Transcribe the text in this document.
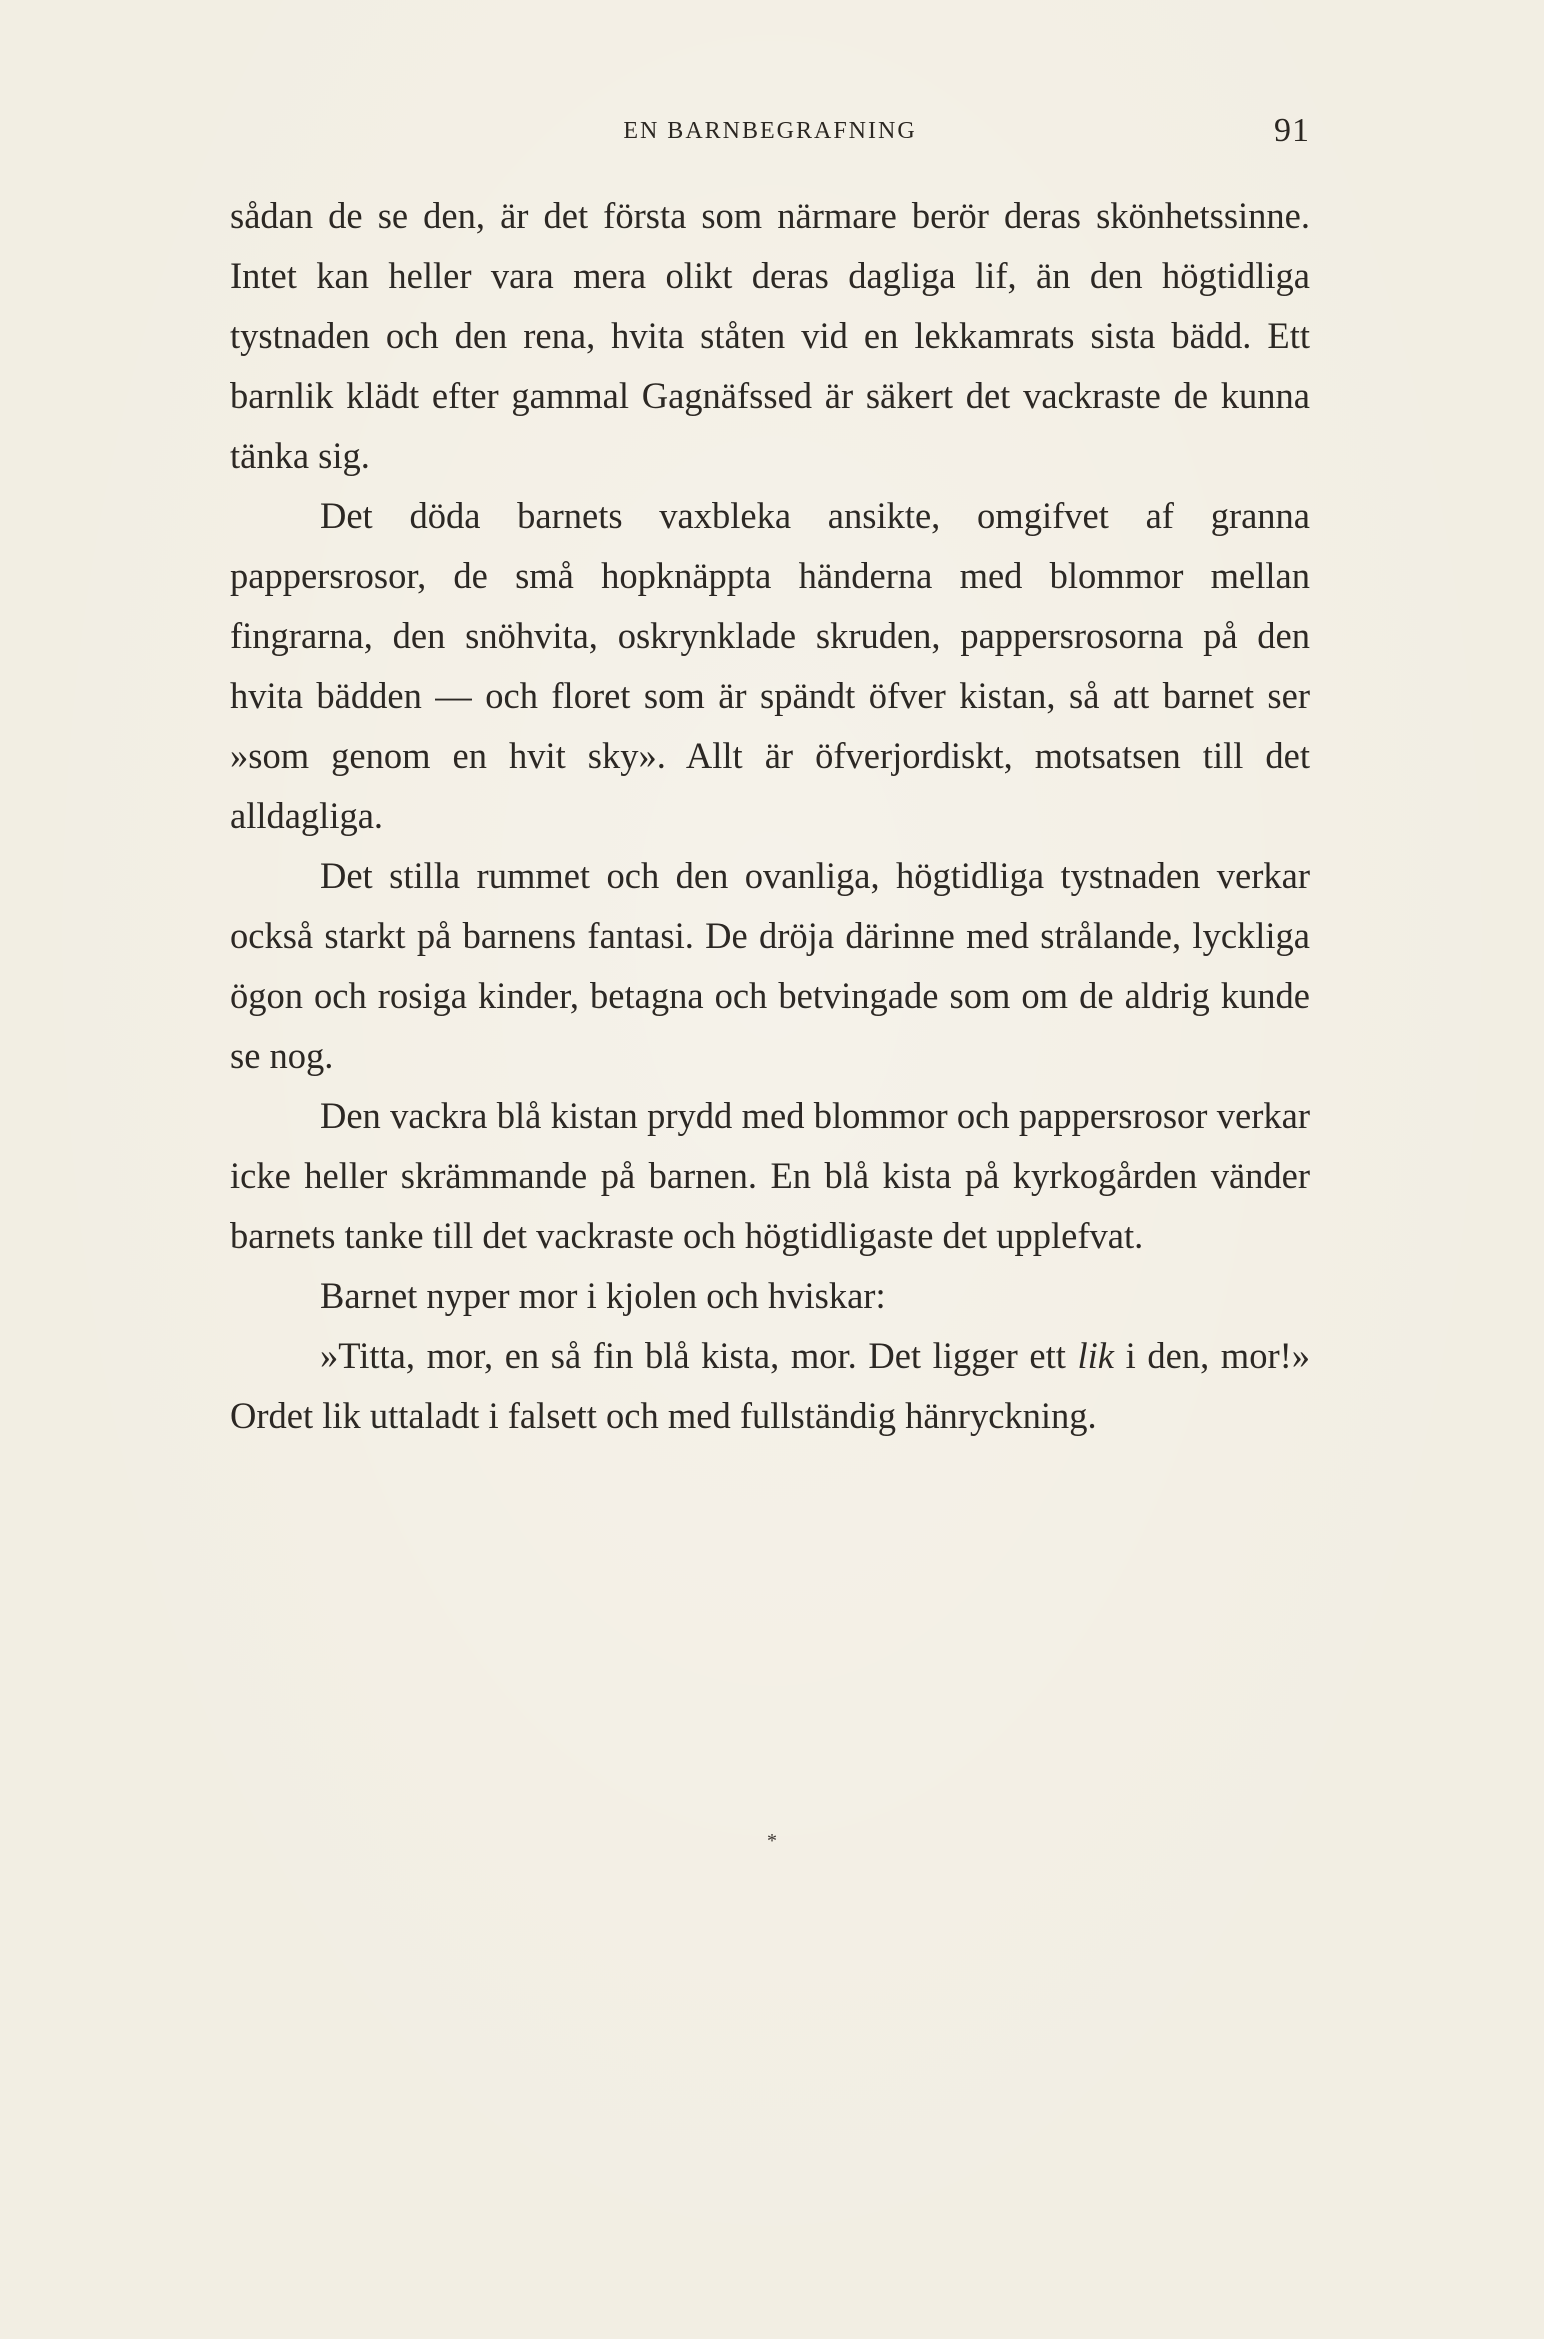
EN BARNBEGRAFNING	91

sådan de se den, är det första som närmare berör deras skönhetssinne. Intet kan heller vara mera olikt deras dagliga lif, än den högtidliga tystnaden och den rena, hvita ståten vid en lekkamrats sista bädd. Ett barnlik klädt efter gammal Gagnäfssed är säkert det vackraste de kunna tänka sig.

Det döda barnets vaxbleka ansikte, omgifvet af granna pappersrosor, de små hopknäppta händerna med blommor mellan fingrarna, den snöhvita, oskrynklade skruden, pappersrosorna på den hvita bädden — och floret som är spändt öfver kistan, så att barnet ser »som genom en hvit sky». Allt är öfverjordiskt, motsatsen till det alldagliga.

Det stilla rummet och den ovanliga, högtidliga tystnaden verkar också starkt på barnens fantasi. De dröja därinne med strålande, lyckliga ögon och rosiga kinder, betagna och betvingade som om de aldrig kunde se nog.

Den vackra blå kistan prydd med blommor och pappersrosor verkar icke heller skrämmande på barnen. En blå kista på kyrkogården vänder barnets tanke till det vackraste och högtidligaste det upplefvat.

Barnet nyper mor i kjolen och hviskar:

»Titta, mor, en så fin blå kista, mor. Det ligger ett lik i den, mor!» Ordet lik uttaladt i falsett och med fullständig hänryckning.

*
